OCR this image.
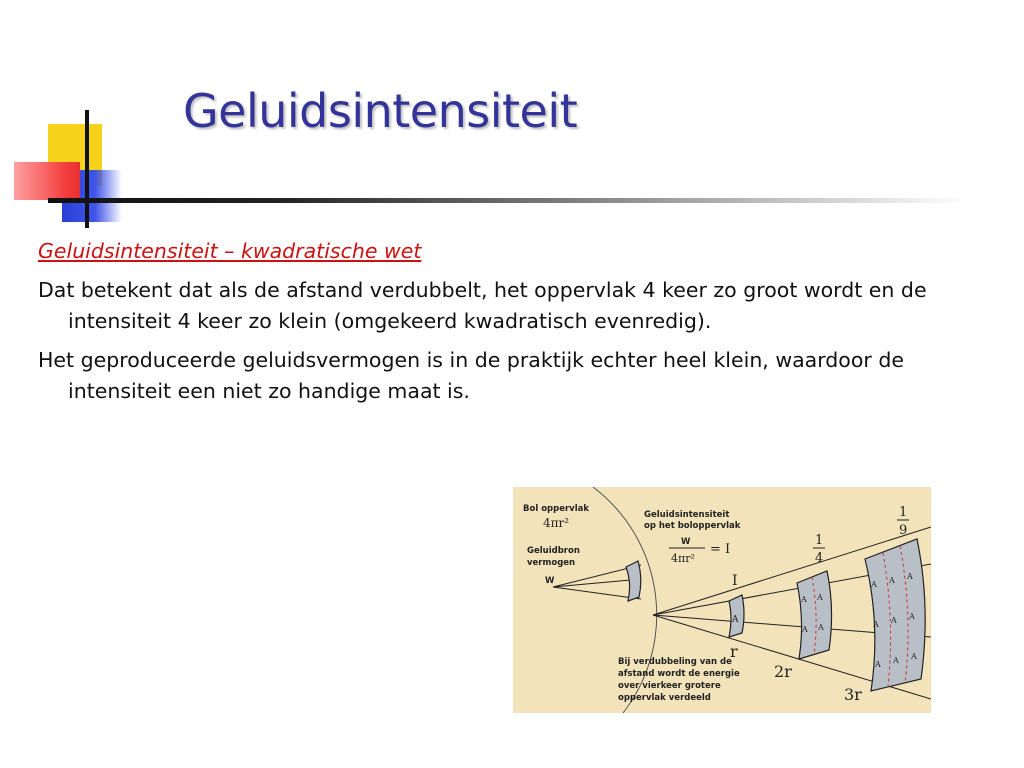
Geluidsintensiteit

Geluidsintensiteit – kwadratische wet

Dat betekent dat als de afstand verdubbelt, het oppervlak 4 keer zo groot wordt en de intensiteit 4 keer zo klein (omgekeerd kwadratisch evenredig).

Het geproduceerde geluidsvermogen is in de praktijk echter heel klein, waardoor de intensiteit een niet zo handige maat is.

A
A A
A A
A A A
A A A
A A A
Bol oppervlak
4πr²
Geluidbron
vermogen
W
Geluidsintensiteit
op het boloppervlak
W
4πr²
= I
I
1
4
1
9
r
2r
3r
Bij verdubbeling van de
afstand wordt de energie
over vierkeer grotere
oppervlak verdeeld
